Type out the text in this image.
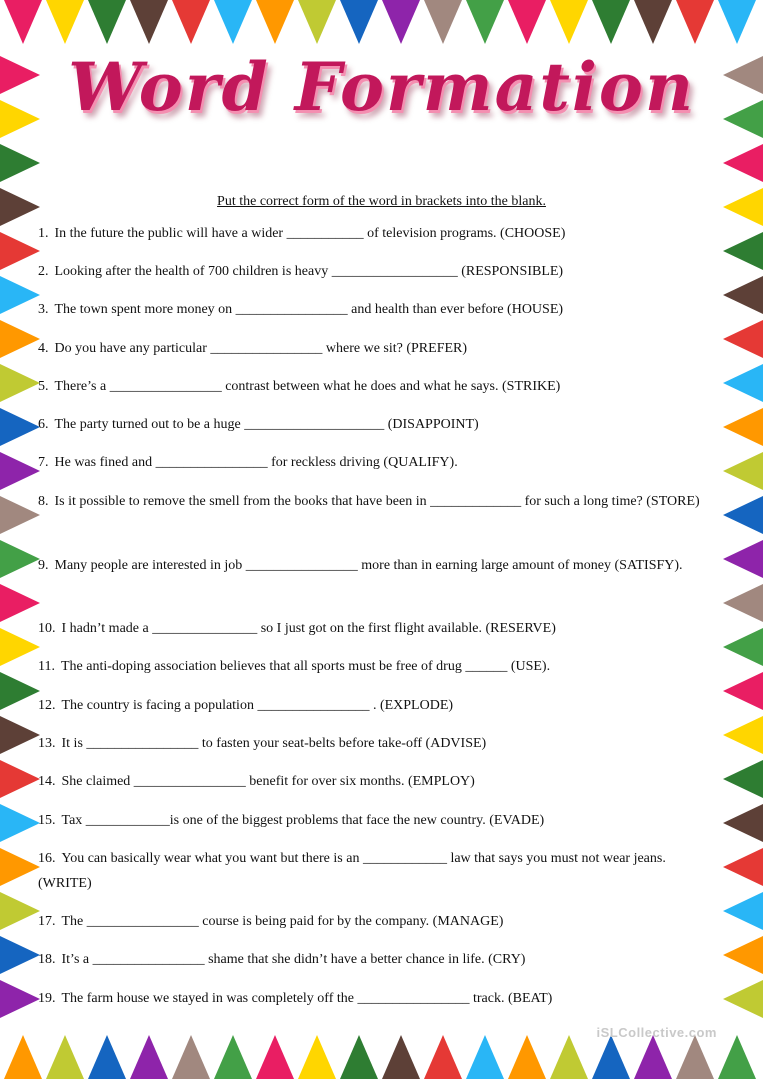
Word Formation
Put the correct form of the word in brackets into the blank.
1. In the future the public will have a wider ___________ of television programs. (CHOOSE)
2. Looking after the health of 700 children is heavy __________________ (RESPONSIBLE)
3. The town spent more money on ________________ and health than ever before (HOUSE)
4. Do you have any particular ________________ where we sit? (PREFER)
5. There’s a ________________ contrast between what he does and what he says. (STRIKE)
6. The party turned out to be a huge ____________________ (DISAPPOINT)
7. He was fined and ________________ for reckless driving (QUALIFY).
8. Is it possible to remove the smell from the books that have been in _____________ for such a long time? (STORE)
9. Many people are interested in job ________________ more than in earning large amount of money (SATISFY).
10. I hadn’t made a _______________ so I just got on the first flight available. (RESERVE)
11. The anti-doping association believes that all sports must be free of drug ______ (USE).
12. The country is facing a population ________________ . (EXPLODE)
13. It is ________________ to fasten your seat-belts before take-off (ADVISE)
14. She claimed ________________ benefit for over six months. (EMPLOY)
15. Tax ____________is one of the biggest problems that face the new country. (EVADE)
16. You can basically wear what you want but there is an ____________ law that says you must not wear jeans.(WRITE)
17. The ________________ course is being paid for by the company. (MANAGE)
18. It’s a ________________ shame that she didn’t have a better chance in life. (CRY)
19. The farm house we stayed in was completely off the ________________ track. (BEAT)
iSLCollective.com
